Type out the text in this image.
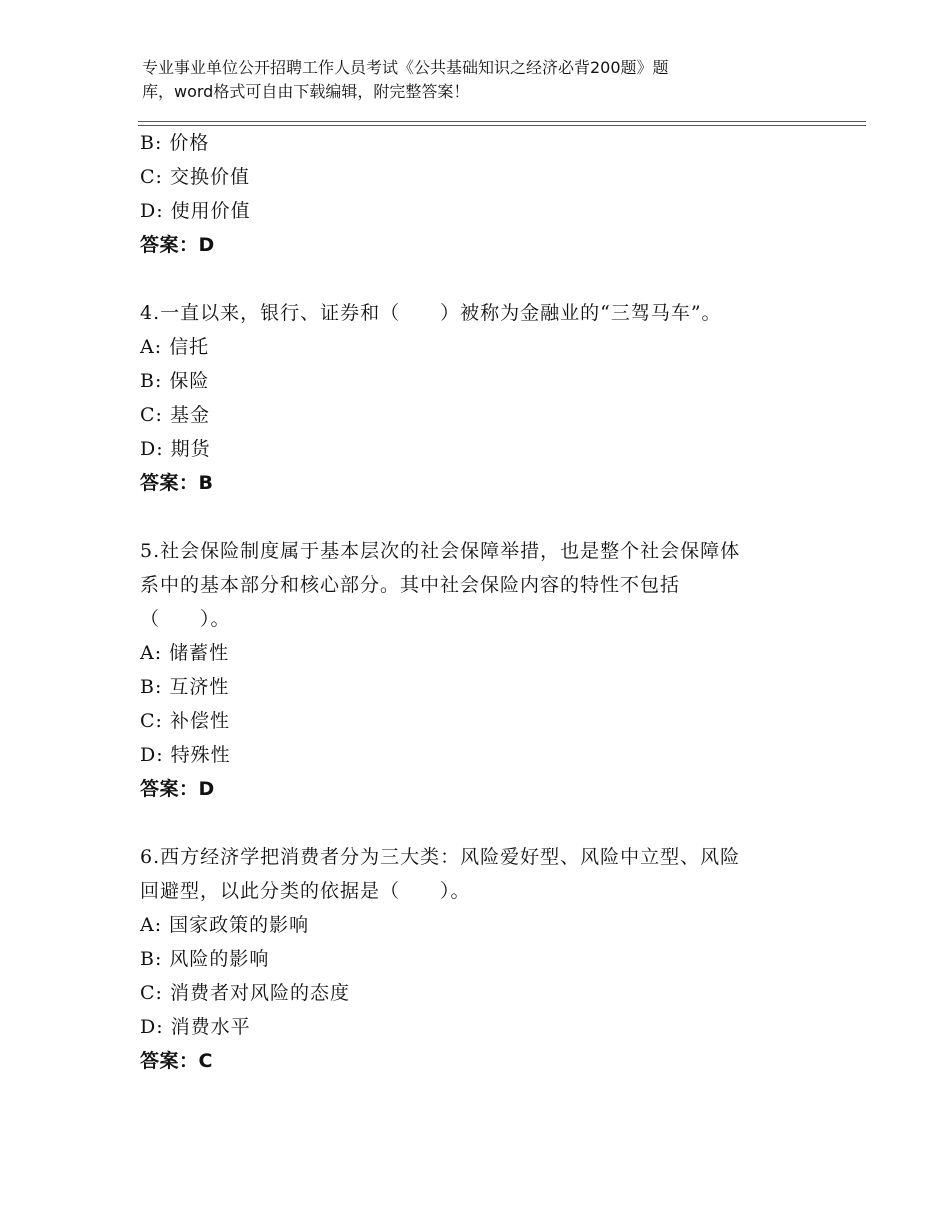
专业事业单位公开招聘工作人员考试《公共基础知识之经济必背200题》题

库，word格式可自由下载编辑，附完整答案！

B: 价格
C: 交换价值
D: 使用价值
答案：D
4.一直以来，银行、证券和（　　）被称为金融业的“三驾马车”。
A: 信托
B: 保险
C: 基金
D: 期货
答案：B
5.社会保险制度属于基本层次的社会保障举措，也是整个社会保障体
系中的基本部分和核心部分。其中社会保险内容的特性不包括
（　　）。
A: 储蓄性
B: 互济性
C: 补偿性
D: 特殊性
答案：D
6.西方经济学把消费者分为三大类：风险爱好型、风险中立型、风险
回避型，以此分类的依据是（　　）。
A: 国家政策的影响
B: 风险的影响
C: 消费者对风险的态度
D: 消费水平
答案：C
